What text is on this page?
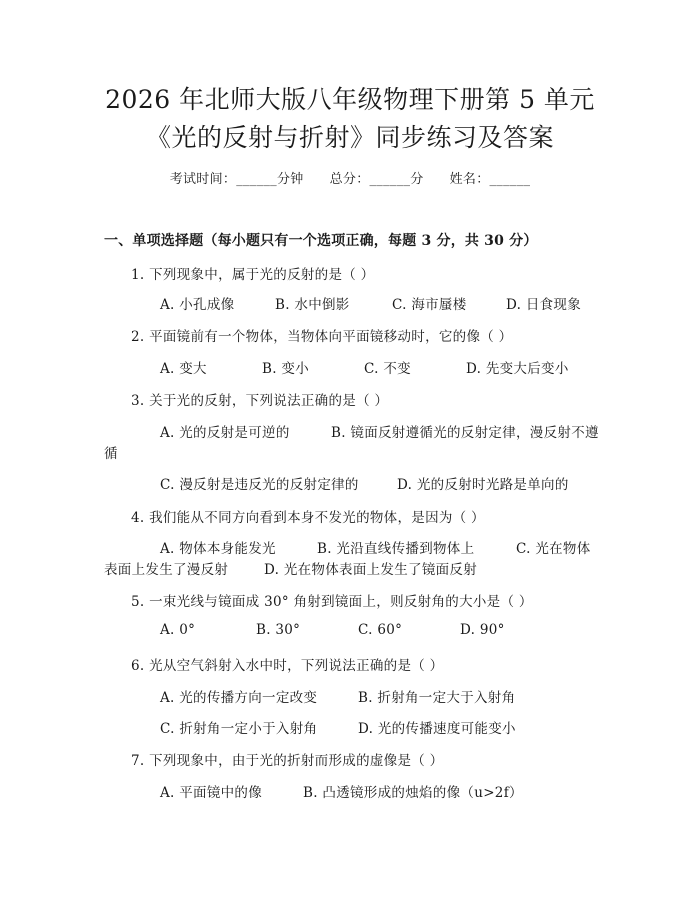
2026 年北师大版八年级物理下册第 5 单元
《光的反射与折射》同步练习及答案
考试时间：______分钟 总分：______分 姓名：______
一、单项选择题（每小题只有一个选项正确，每题 3 分，共 30 分）
1. 下列现象中，属于光的反射的是（ ）
A. 小孔成像	B. 水中倒影	C. 海市蜃楼	D. 日食现象
2. 平面镜前有一个物体，当物体向平面镜移动时，它的像（ ）
A. 变大	B. 变小	C. 不变	D. 先变大后变小
3. 关于光的反射，下列说法正确的是（ ）
A. 光的反射是可逆的	B. 镜面反射遵循光的反射定律，漫反射不遵
循
C. 漫反射是违反光的反射定律的	D. 光的反射时光路是单向的
4. 我们能从不同方向看到本身不发光的物体，是因为（ ）
A. 物体本身能发光	B. 光沿直线传播到物体上	C. 光在物体
表面上发生了漫反射	D. 光在物体表面上发生了镜面反射
5. 一束光线与镜面成 30° 角射到镜面上，则反射角的大小是（ ）
A. 0°	B. 30°	C. 60°	D. 90°
6. 光从空气斜射入水中时，下列说法正确的是（ ）
A. 光的传播方向一定改变	B. 折射角一定大于入射角
C. 折射角一定小于入射角	D. 光的传播速度可能变小
7. 下列现象中，由于光的折射而形成的虚像是（ ）
A. 平面镜中的像	B. 凸透镜形成的烛焰的像（u>2f）
